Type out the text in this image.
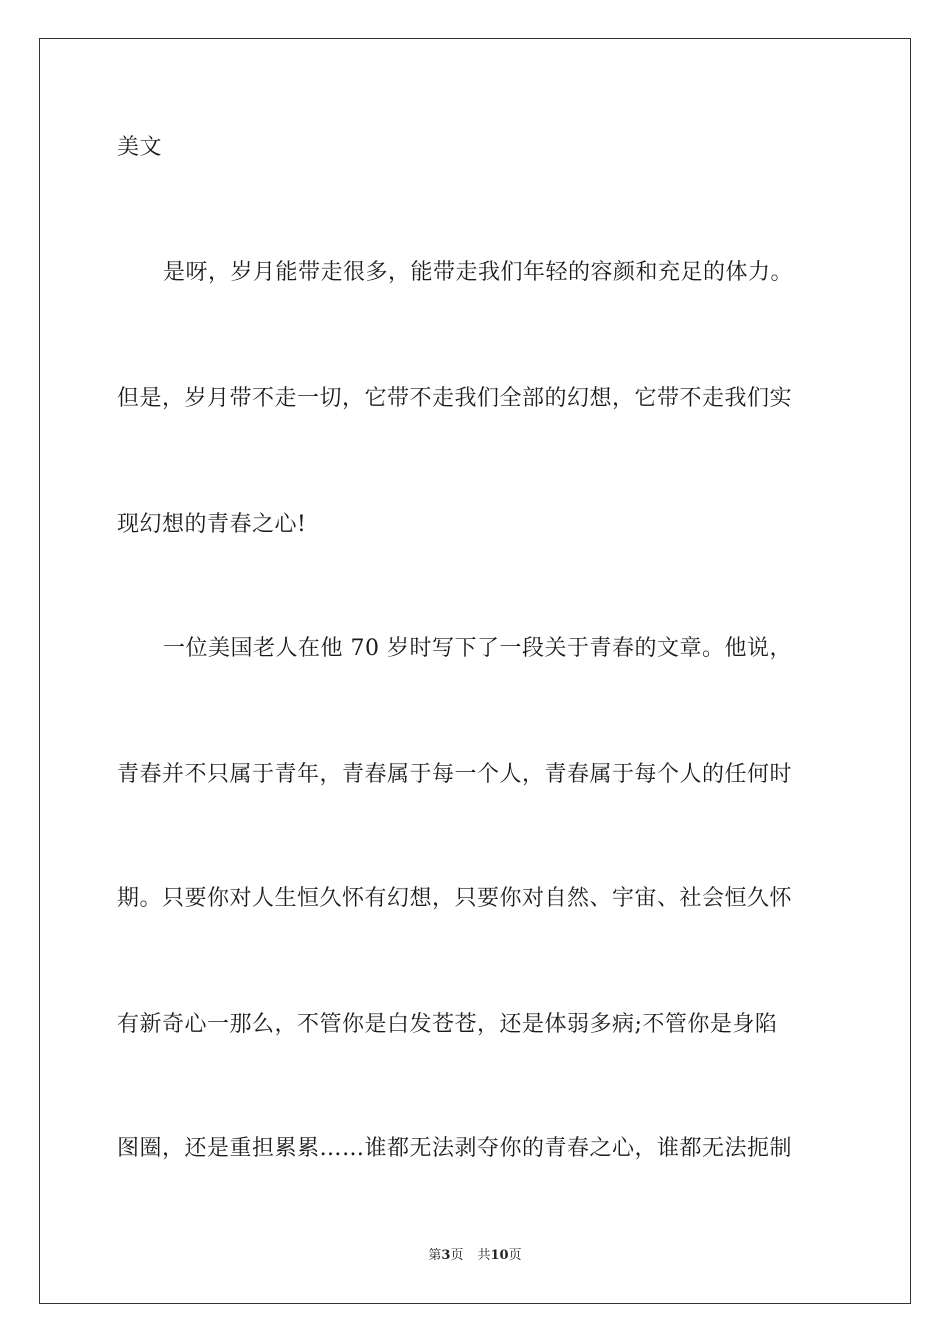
美文
是呀，岁月能带走很多，能带走我们年轻的容颜和充足的体力。
但是，岁月带不走一切，它带不走我们全部的幻想，它带不走我们实
现幻想的青春之心!
一位美国老人在他 70 岁时写下了一段关于青春的文章。他说，
青春并不只属于青年，青春属于每一个人，青春属于每个人的任何时
期。只要你对人生恒久怀有幻想，只要你对自然、宇宙、社会恒久怀
有新奇心一那么，不管你是白发苍苍，还是体弱多病;不管你是身陷
图圈，还是重担累累……谁都无法剥夺你的青春之心，谁都无法扼制
第3页 共10页
